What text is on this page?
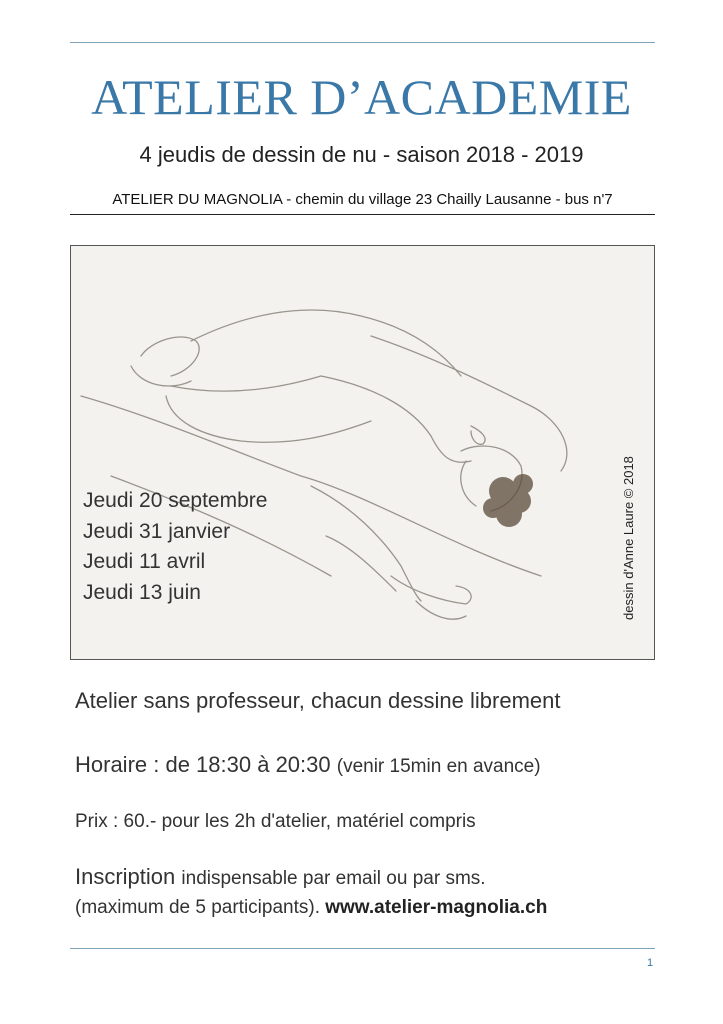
ATELIER D’ACADEMIE
4 jeudis de dessin de nu - saison 2018 - 2019
ATELIER DU MAGNOLIA - chemin du village 23 Chailly Lausanne - bus n'7
Jeudi 20 septembre
Jeudi 31 janvier
Jeudi 11 avril
Jeudi 13 juin	dessin d'Anne Laure © 2018
Atelier sans professeur, chacun dessine librement
Horaire : de 18:30 à 20:30 (venir 15min en avance)
Prix : 60.- pour les 2h d'atelier, matériel compris
Inscription indispensable par email ou par sms.
(maximum de 5 participants). www.atelier-magnolia.ch
1
